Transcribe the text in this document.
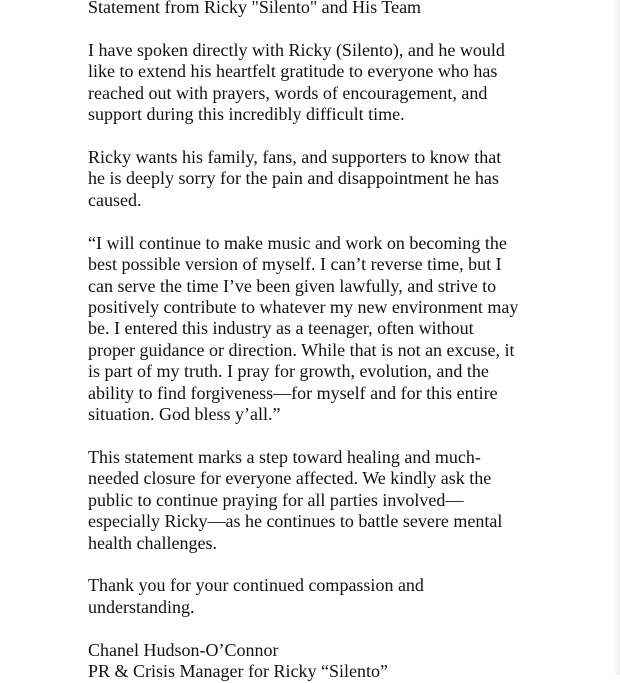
Statement from Ricky "Silento" and His Team

I have spoken directly with Ricky (Silento), and he would
like to extend his heartfelt gratitude to everyone who has
reached out with prayers, words of encouragement, and
support during this incredibly difficult time.

Ricky wants his family, fans, and supporters to know that
he is deeply sorry for the pain and disappointment he has
caused.

“I will continue to make music and work on becoming the
best possible version of myself. I can’t reverse time, but I
can serve the time I’ve been given lawfully, and strive to
positively contribute to whatever my new environment may
be. I entered this industry as a teenager, often without
proper guidance or direction. While that is not an excuse, it
is part of my truth. I pray for growth, evolution, and the
ability to find forgiveness—for myself and for this entire
situation. God bless y’all.”

This statement marks a step toward healing and much-
needed closure for everyone affected. We kindly ask the
public to continue praying for all parties involved—
especially Ricky—as he continues to battle severe mental
health challenges.

Thank you for your continued compassion and
understanding.

Chanel Hudson-O’Connor

PR & Crisis Manager for Ricky “Silento”
